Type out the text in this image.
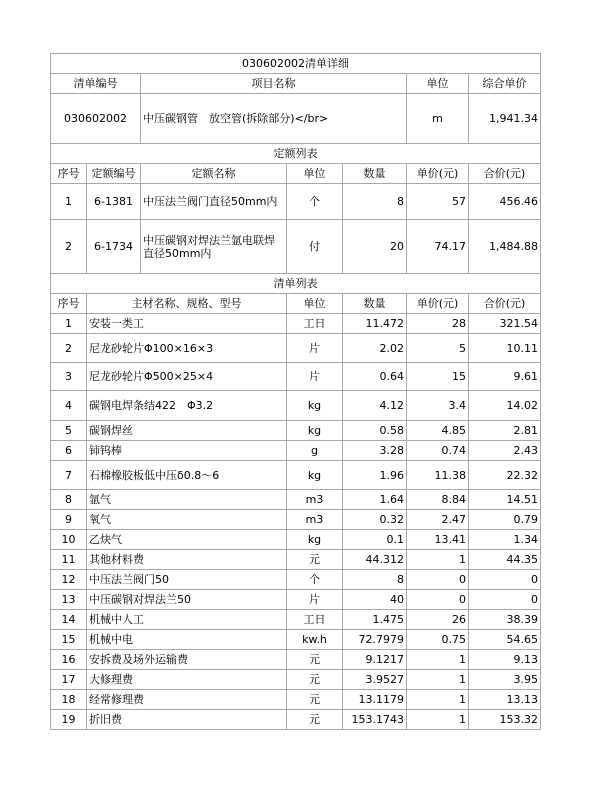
030602002清单详细						
清单编号		项目名称			单位	综合单价
030602002		中压碳钢管　放空管(拆除部分)</br>			m	1,941.34
定额列表						
序号	定额编号	定额名称	单位	数量	单价(元)	合价(元)
1	6-1381	中压法兰阀门直径50mm内	个	8	57	456.46
2	6-1734	中压碳钢对焊法兰氩电联焊直径50mm内	付	20	74.17	1,484.88
清单列表						
序号	主材名称、规格、型号		单位	数量	单价(元)	合价(元)
1	安装一类工		工日	11.472	28	321.54
2	尼龙砂轮片Φ100×16×3		片	2.02	5	10.11
3	尼龙砂轮片Φ500×25×4		片	0.64	15	9.61
4	碳钢电焊条结422　Φ3.2		kg	4.12	3.4	14.02
5	碳钢焊丝		kg	0.58	4.85	2.81
6	铈钨棒		g	3.28	0.74	2.43
7	石棉橡胶板低中压δ0.8～6		kg	1.96	11.38	22.32
8	氩气		m3	1.64	8.84	14.51
9	氧气		m3	0.32	2.47	0.79
10	乙炔气		kg	0.1	13.41	1.34
11	其他材料费		元	44.312	1	44.35
12	中压法兰阀门50		个	8	0	0
13	中压碳钢对焊法兰50		片	40	0	0
14	机械中人工		工日	1.475	26	38.39
15	机械中电		kw.h	72.7979	0.75	54.65
16	安拆费及场外运输费		元	9.1217	1	9.13
17	大修理费		元	3.9527	1	3.95
18	经常修理费		元	13.1179	1	13.13
19	折旧费		元	153.1743	1	153.32
